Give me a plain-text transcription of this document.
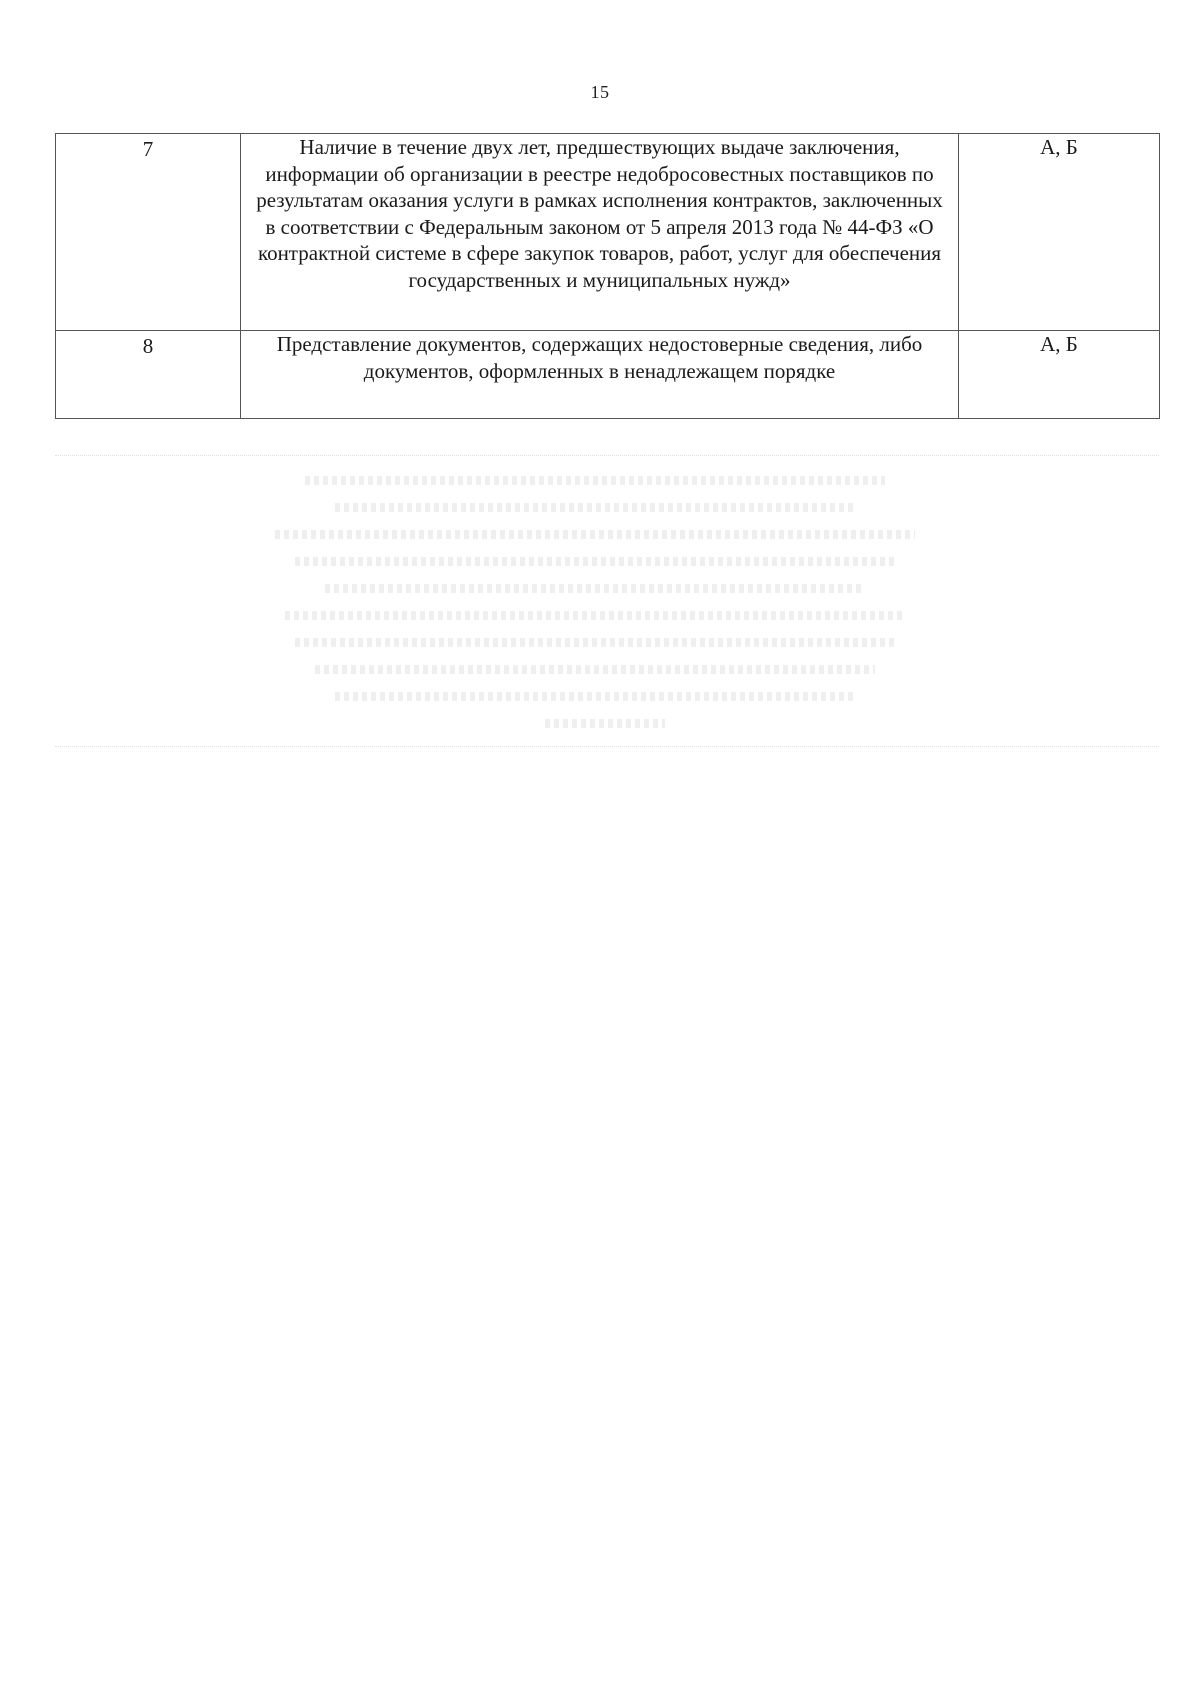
15
7	Наличие в течение двух лет, предшествующих выдаче заключения, информации об организации в реестре недобросовестных поставщиков по результатам оказания услуги в рамках исполнения контрактов, заключенных в соответствии с Федеральным законом от 5 апреля 2013 года № 44-ФЗ «О контрактной системе в сфере закупок товаров, работ, услуг для обеспечения государственных и муниципальных нужд»	А, Б
8	Представление документов, содержащих недостоверные сведения, либо документов, оформленных в ненадлежащем порядке	А, Б
